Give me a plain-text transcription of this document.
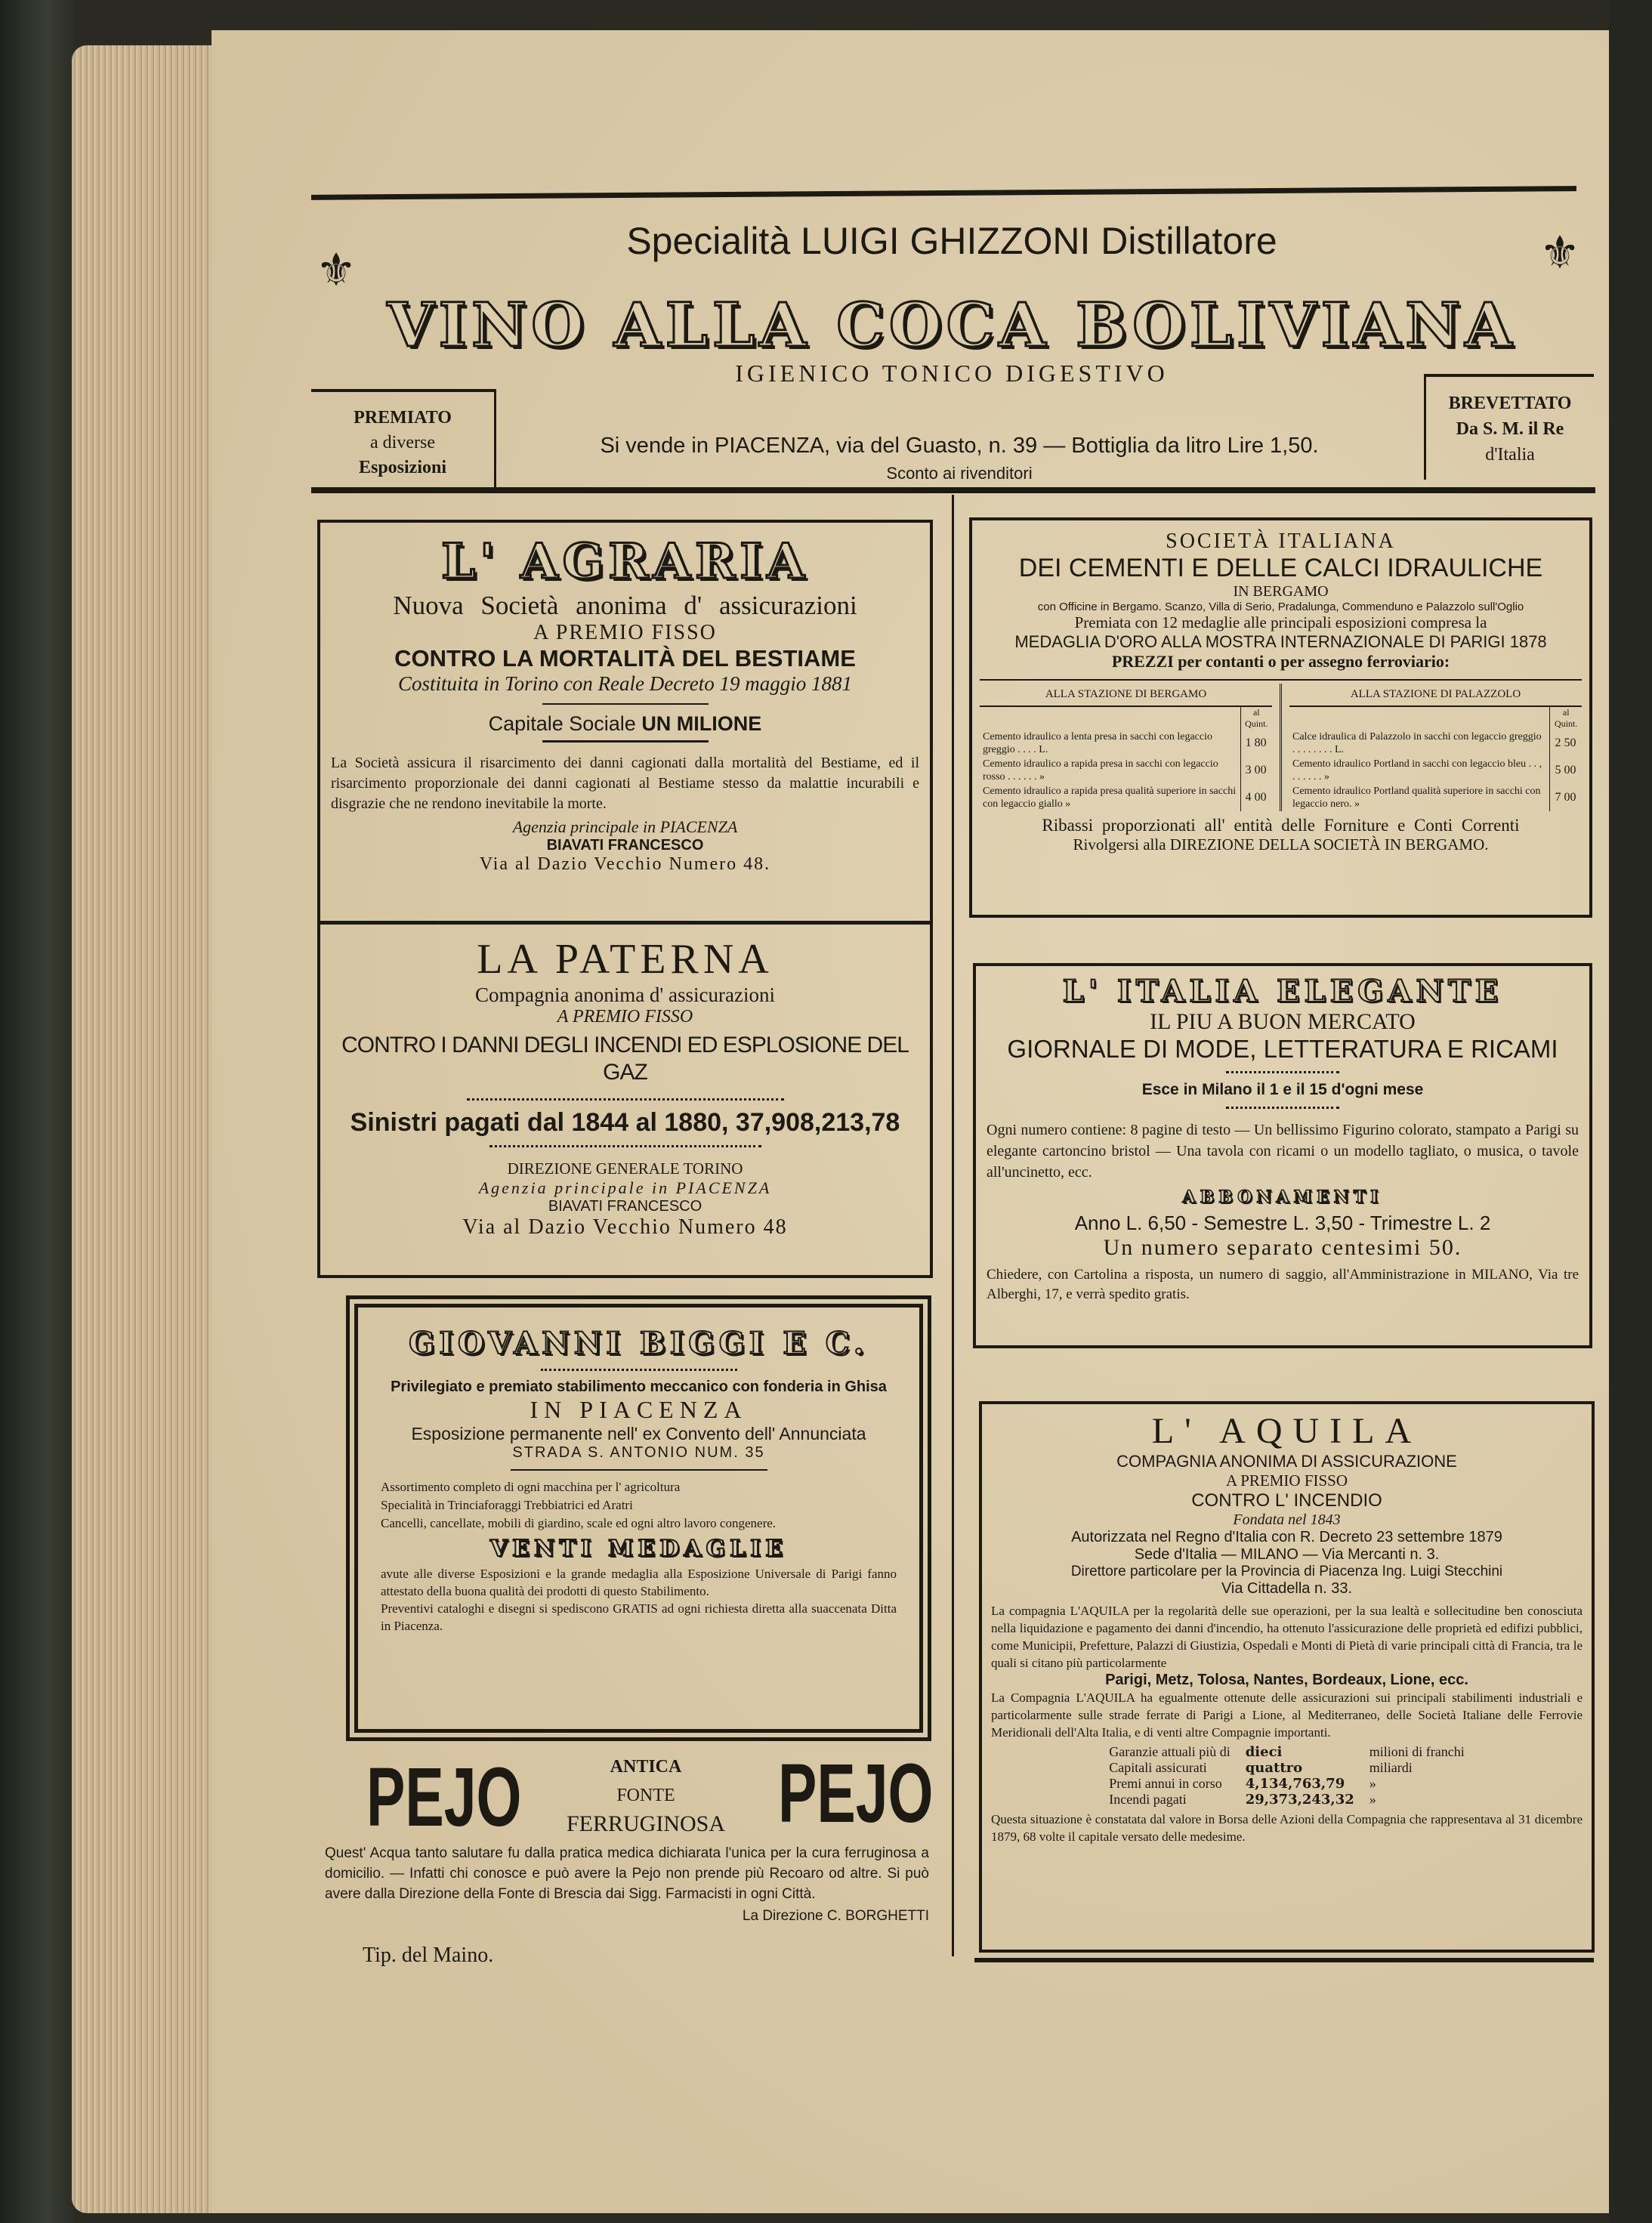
⚜	⚜
Specialità LUIGI GHIZZONI Distillatore
VINO ALLA COCA BOLIVIANA
IGIENICO TONICO DIGESTIVO
PREMIATO
a diverse
Esposizioni
Si vende in PIACENZA, via del Guasto, n. 39 — Bottiglia da litro Lire 1,50.
Sconto ai rivenditori
BREVETTATO
Da S. M. il Re
d'Italia
L' AGRARIA
Nuova Società anonima d' assicurazioni
A PREMIO FISSO
CONTRO LA MORTALITÀ DEL BESTIAME
Costituita in Torino con Reale Decreto 19 maggio 1881
Capitale Sociale UN MILIONE
La Società assicura il risarcimento dei danni cagionati dalla mortalità del Bestiame, ed il risarcimento proporzionale dei danni cagionati al Bestiame stesso da malattie incurabili e disgrazie che ne rendono inevitabile la morte.
Agenzia principale in PIACENZA
BIAVATI FRANCESCO
Via al Dazio Vecchio Numero 48.
LA PATERNA
Compagnia anonima d' assicurazioni
A PREMIO FISSO
CONTRO I DANNI DEGLI INCENDI ED ESPLOSIONE DEL GAZ
Sinistri pagati dal 1844 al 1880, 37,908,213,78
DIREZIONE GENERALE TORINO
Agenzia principale in PIACENZA
BIAVATI FRANCESCO
Via al Dazio Vecchio Numero 48
GIOVANNI BIGGI E C.
Privilegiato e premiato stabilimento meccanico con fonderia in Ghisa
IN PIACENZA
Esposizione permanente nell' ex Convento dell' Annunciata
STRADA S. ANTONIO NUM. 35
Assortimento completo di ogni macchina per l' agricoltura
Specialità in Trinciaforaggi Trebbiatrici ed Aratri
Cancelli, cancellate, mobili di giardino, scale ed ogni altro lavoro congenere.
VENTI MEDAGLIE
avute alle diverse Esposizioni e la grande medaglia alla Esposizione Universale di Parigi fanno attestato della buona qualità dei prodotti di questo Stabilimento.
Preventivi cataloghi e disegni si spediscono GRATIS ad ogni richiesta diretta alla suaccenata Ditta in Piacenza.
PEJO	PEJO
ANTICA
FONTE
FERRUGINOSA
Quest' Acqua tanto salutare fu dalla pratica medica dichiarata l'unica per la cura ferruginosa a domicilio. — Infatti chi conosce e può avere la Pejo non prende più Recoaro od altre. Si può avere dalla Direzione della Fonte di Brescia dai Sigg. Farmacisti in ogni Città.
La Direzione C. BORGHETTI
Tip. del Maino.
SOCIETÀ ITALIANA
DEI CEMENTI E DELLE CALCI IDRAULICHE
IN BERGAMO
con Officine in Bergamo. Scanzo, Villa di Serio, Pradalunga, Commenduno e Palazzolo sull'Oglio
Premiata con 12 medaglie alle principali esposizioni compresa la
MEDAGLIA D'ORO ALLA MOSTRA INTERNAZIONALE DI PARIGI 1878
PREZZI per contanti o per assegno ferroviario:
ALLA STAZIONE DI BERGAMO	
	al Quint.
Cemento idraulico a lenta presa in sacchi con legaccio greggio . . . . L.	1 80
Cemento idraulico a rapida presa in sacchi con legaccio rosso . . . . . . »	3 00
Cemento idraulico a rapida presa qualità superiore in sacchi con legaccio giallo »	4 00
ALLA STAZIONE DI PALAZZOLO	
	al Quint.
Calce idraulica di Palazzolo in sacchi con legaccio greggio . . . . . . . . L.	2 50
Cemento idraulico Portland in sacchi con legaccio bleu . . , . . . . . . »	5 00
Cemento idraulico Portland qualità superiore in sacchi con legaccio nero. »	7 00
Ribassi proporzionati all' entità delle Forniture e Conti Correnti
Rivolgersi alla DIREZIONE DELLA SOCIETÀ IN BERGAMO.
L' ITALIA ELEGANTE
IL PIU A BUON MERCATO
GIORNALE DI MODE, LETTERATURA E RICAMI
Esce in Milano il 1 e il 15 d'ogni mese
Ogni numero contiene: 8 pagine di testo — Un bellissimo Figurino colorato, stampato a Parigi su elegante cartoncino bristol — Una tavola con ricami o un modello tagliato, o musica, o tavole all'uncinetto, ecc.
ABBONAMENTI
Anno L. 6,50 - Semestre L. 3,50 - Trimestre L. 2
Un numero separato centesimi 50.
Chiedere, con Cartolina a risposta, un numero di saggio, all'Amministrazione in MILANO, Via tre Alberghi, 17, e verrà spedito gratis.
L' AQUILA
COMPAGNIA ANONIMA DI ASSICURAZIONE
A PREMIO FISSO
CONTRO L' INCENDIO
Fondata nel 1843
Autorizzata nel Regno d'Italia con R. Decreto 23 settembre 1879
Sede d'Italia — MILANO — Via Mercanti n. 3.
Direttore particolare per la Provincia di Piacenza Ing. Luigi Stecchini
Via Cittadella n. 33.
La compagnia L'AQUILA per la regolarità delle sue operazioni, per la sua lealtà e sollecitudine ben conosciuta nella liquidazione e pagamento dei danni d'incendio, ha ottenuto l'assicurazione delle proprietà ed edifizi pubblici, come Municipii, Prefetture, Palazzi di Giustizia, Ospedali e Monti di Pietà di varie principali città di Francia, tra le quali si citano più particolarmente
Parigi, Metz, Tolosa, Nantes, Bordeaux, Lione, ecc.
La Compagnia L'AQUILA ha egualmente ottenute delle assicurazioni sui principali stabilimenti industriali e particolarmente sulle strade ferrate di Parigi a Lione, al Mediterraneo, delle Società Italiane delle Ferrovie Meridionali dell'Alta Italia, e di venti altre Compagnie importanti.
Garanzie attuali più di	dieci	milioni di franchi
Capitali assicurati	quattro	miliardi
Premi annui in corso	4,134,763,79	»
Incendi pagati	29,373,243,32	»
Questa situazione è constatata dal valore in Borsa delle Azioni della Compagnia che rappresentava al 31 dicembre 1879, 68 volte il capitale versato delle medesime.
